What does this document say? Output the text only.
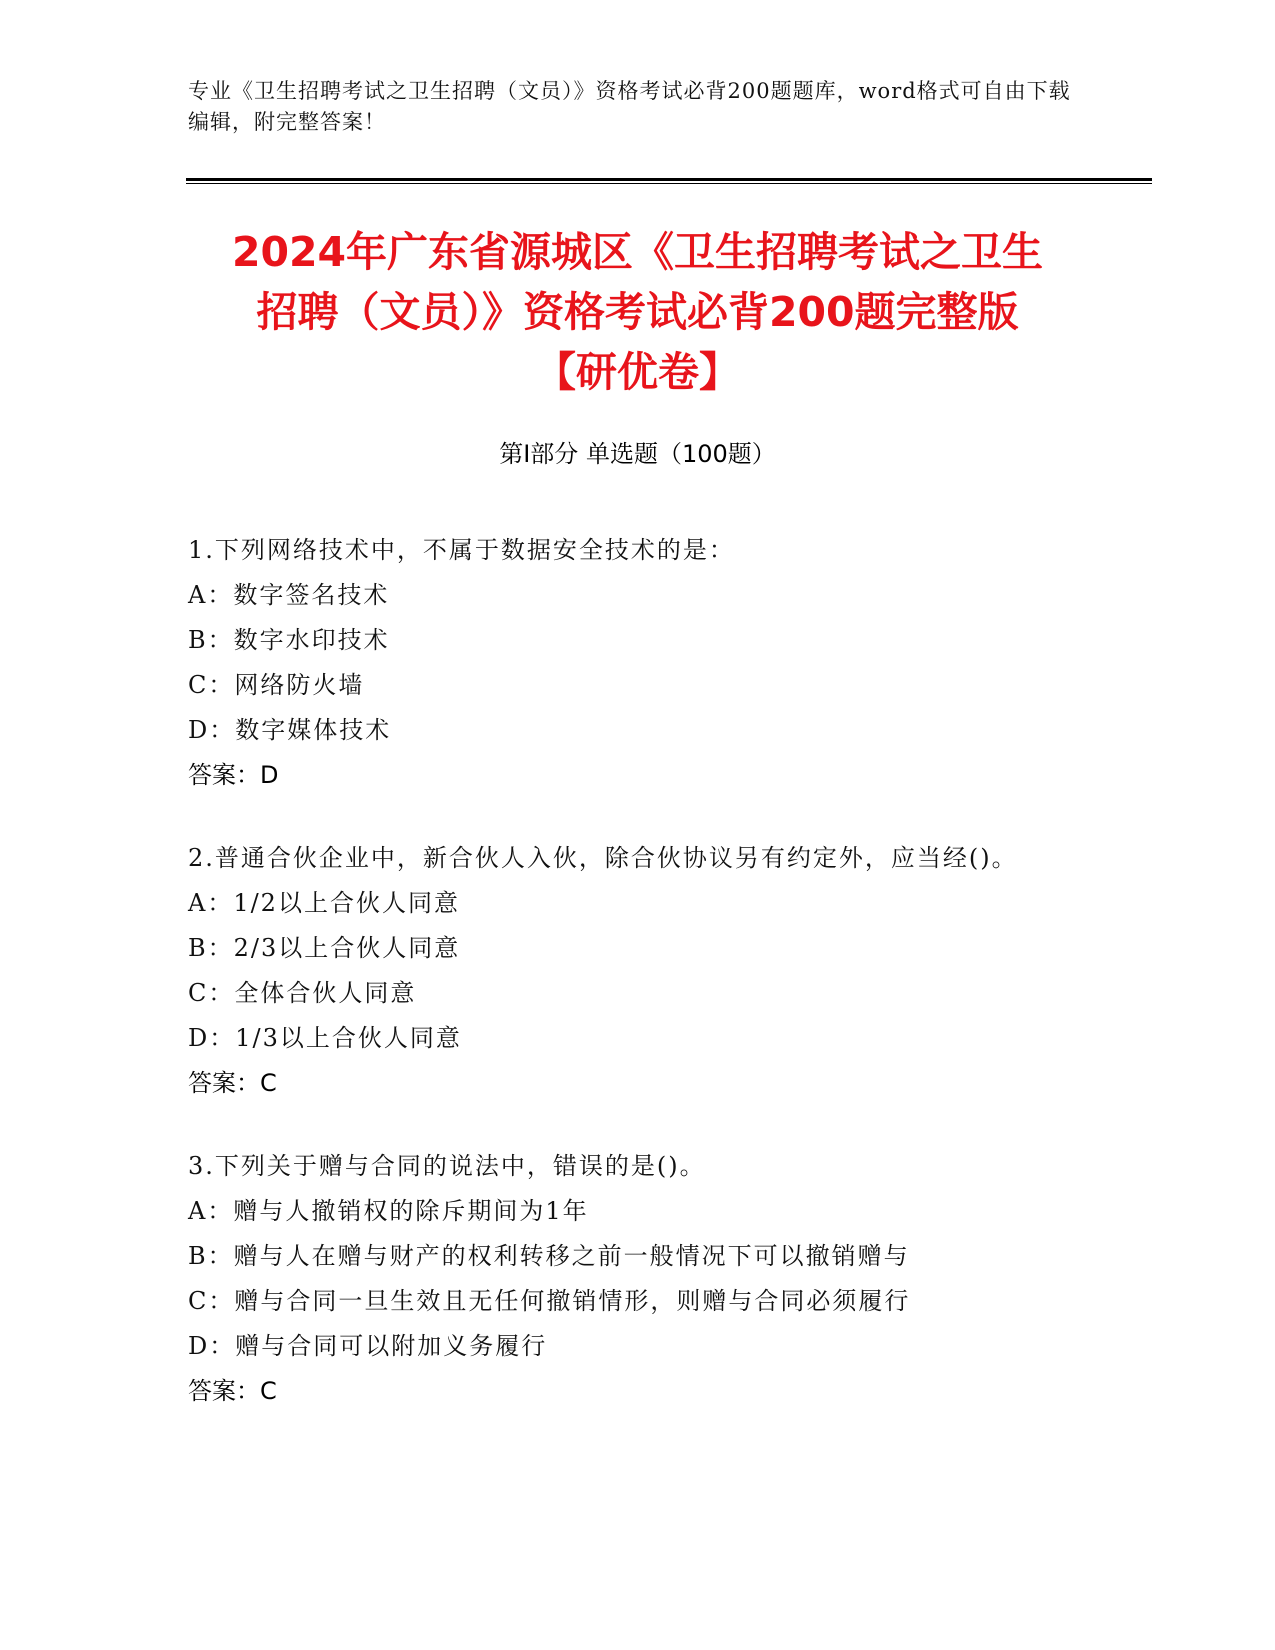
专业《卫生招聘考试之卫生招聘（文员）》资格考试必背200题题库，word格式可自由下载编辑，附完整答案！
2024年广东省源城区《卫生招聘考试之卫生
招聘（文员）》资格考试必背200题完整版
【研优卷】
第I部分 单选题（100题）
1.下列网络技术中，不属于数据安全技术的是：
A：数字签名技术
B：数字水印技术
C：网络防火墙
D：数字媒体技术
答案：D
2.普通合伙企业中，新合伙人入伙，除合伙协议另有约定外，应当经()。
A：1/2以上合伙人同意
B：2/3以上合伙人同意
C：全体合伙人同意
D：1/3以上合伙人同意
答案：C
3.下列关于赠与合同的说法中，错误的是()。
A：赠与人撤销权的除斥期间为1年
B：赠与人在赠与财产的权利转移之前一般情况下可以撤销赠与
C：赠与合同一旦生效且无任何撤销情形，则赠与合同必须履行
D：赠与合同可以附加义务履行
答案：C
